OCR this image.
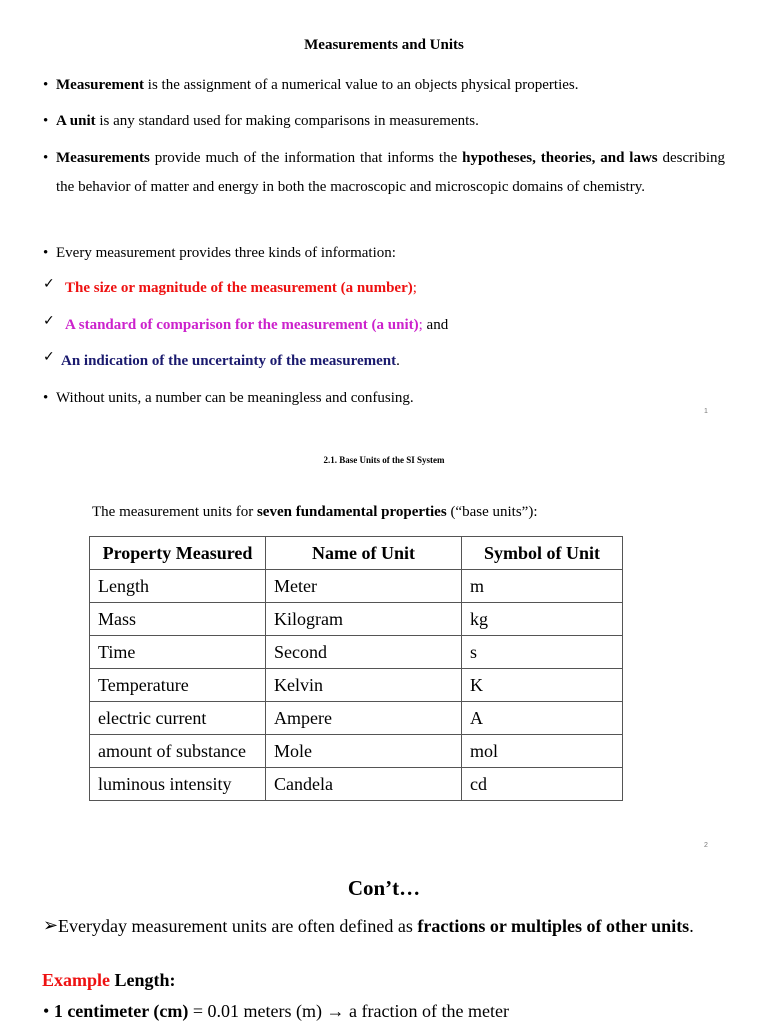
Measurements and Units
• Measurement is the assignment of a numerical value to an objects physical properties.
• A unit is any standard used for making comparisons in measurements.
• Measurements provide much of the information that informs the hypotheses, theories, and laws describing the behavior of matter and energy in both the macroscopic and microscopic domains of chemistry.
• Every measurement provides three kinds of information:
✓ The size or magnitude of the measurement (a number);
✓ A standard of comparison for the measurement (a unit); and
✓ An indication of the uncertainty of the measurement.
• Without units, a number can be meaningless and confusing.
1
2.1. Base Units of the SI System
The measurement units for seven fundamental properties (“base units”):
Property Measured	Name of Unit	Symbol of Unit
Length	Meter	m
Mass	Kilogram	kg
Time	Second	s
Temperature	Kelvin	K
electric current	Ampere	A
amount of substance	Mole	mol
luminous intensity	Candela	cd
2
Con’t…
➢ Everyday measurement units are often defined as fractions or multiples of other units.
Example Length:
• 1 centimeter (cm) = 0.01 meters (m) → a fraction of the meter
